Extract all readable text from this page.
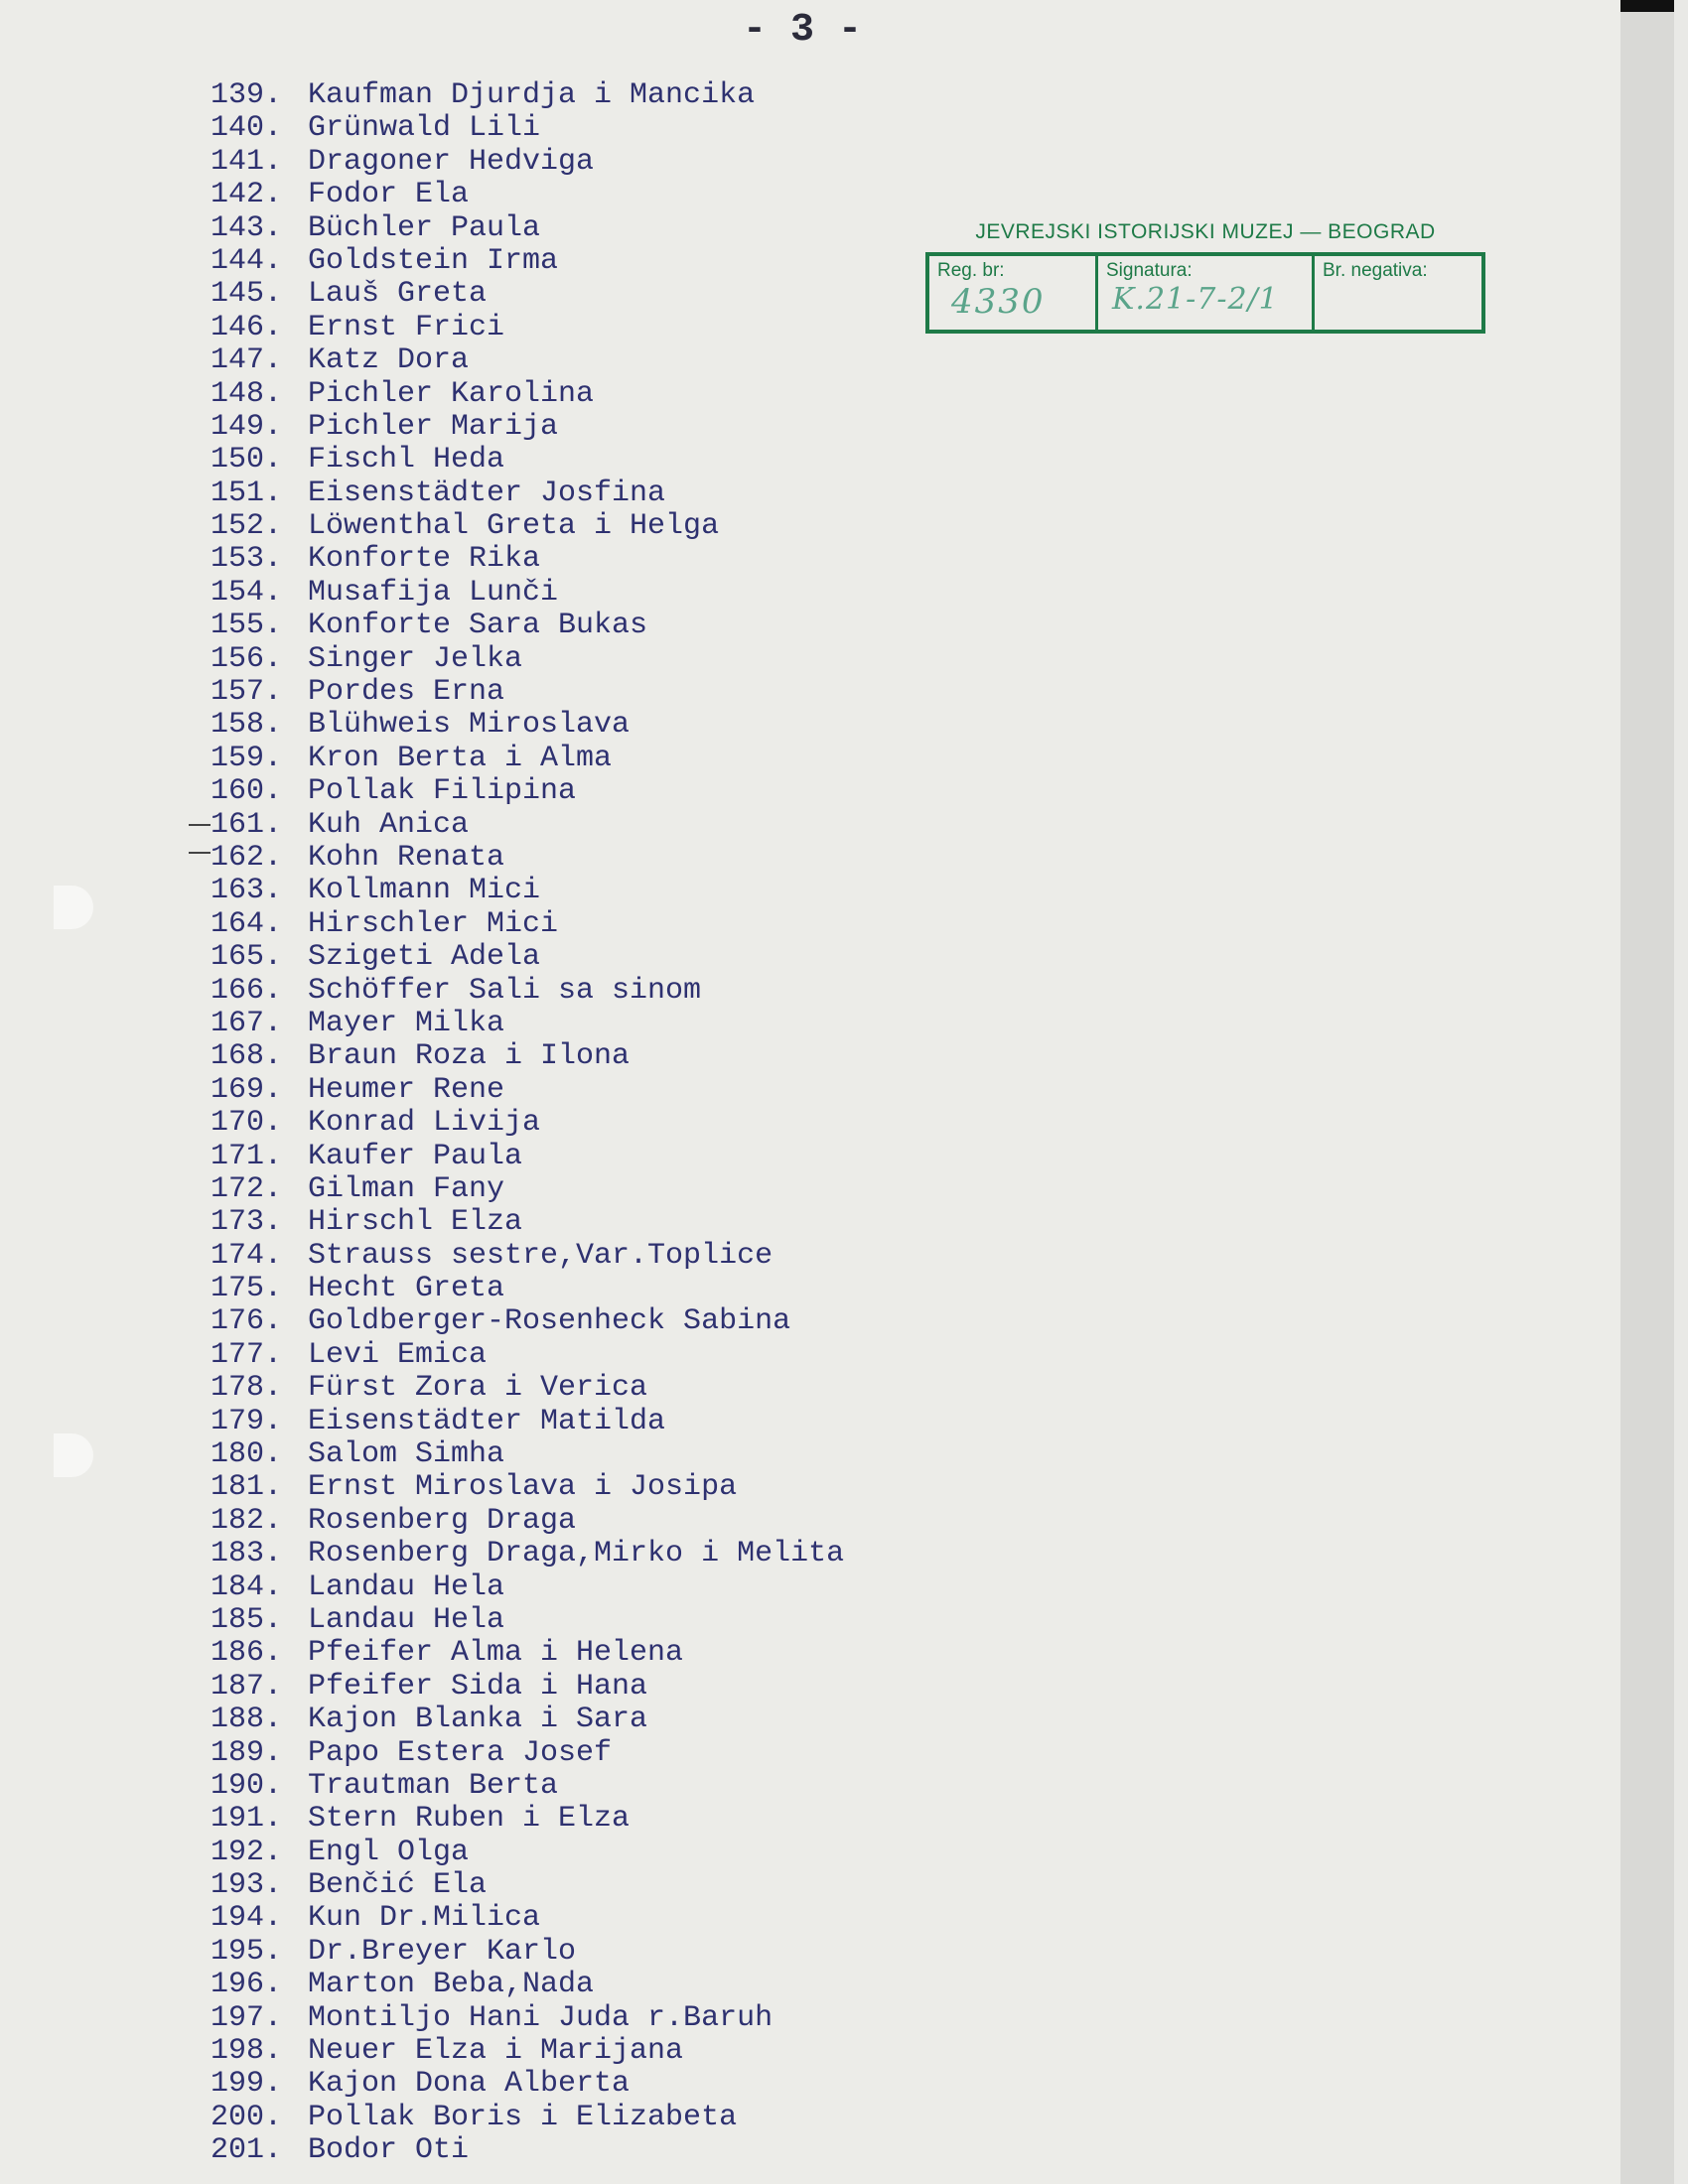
- 3 -
JEVREJSKI ISTORIJSKI MUZEJ — BEOGRAD
Reg. br:
4330
Signatura:
K.21-7-2/1
Br. negativa:
139. Kaufman Djurdja i Mancika
140. Grünwald Lili
141. Dragoner Hedviga
142. Fodor Ela
143. Büchler Paula
144. Goldstein Irma
145. Lauš Greta
146. Ernst Frici
147. Katz Dora
148. Pichler Karolina
149. Pichler Marija
150. Fischl Heda
151. Eisenstädter Josfina
152. Löwenthal Greta i Helga
153. Konforte Rika
154. Musafija Lunči
155. Konforte Sara Bukas
156. Singer Jelka
157. Pordes Erna
158. Blühweis Miroslava
159. Kron Berta i Alma
160. Pollak Filipina
161. Kuh Anica
162. Kohn Renata
163. Kollmann Mici
164. Hirschler Mici
165. Szigeti Adela
166. Schöffer Sali sa sinom
167. Mayer Milka
168. Braun Roza i Ilona
169. Heumer Rene
170. Konrad Livija
171. Kaufer Paula
172. Gilman Fany
173. Hirschl Elza
174. Strauss sestre,Var.Toplice
175. Hecht Greta
176. Goldberger-Rosenheck Sabina
177. Levi Emica
178. Fürst Zora i Verica
179. Eisenstädter Matilda
180. Salom Simha
181. Ernst Miroslava i Josipa
182. Rosenberg Draga
183. Rosenberg Draga,Mirko i Melita
184. Landau Hela
185. Landau Hela
186. Pfeifer Alma i Helena
187. Pfeifer Sida i Hana
188. Kajon Blanka i Sara
189. Papo Estera Josef
190. Trautman Berta
191. Stern Ruben i Elza
192. Engl Olga
193. Benčić Ela
194. Kun Dr.Milica
195. Dr.Breyer Karlo
196. Marton Beba,Nada
197. Montiljo Hani Juda r.Baruh
198. Neuer Elza i Marijana
199. Kajon Dona Alberta
200. Pollak Boris i Elizabeta
201. Bodor Oti
